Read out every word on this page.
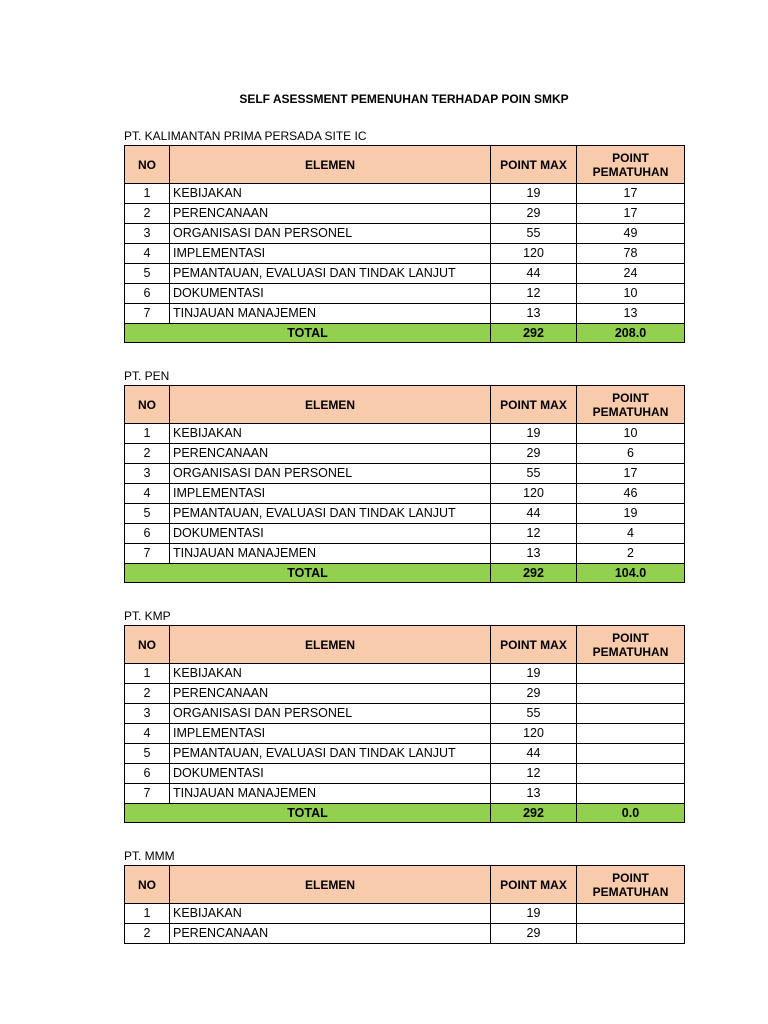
SELF ASESSMENT PEMENUHAN TERHADAP POIN SMKP
PT. KALIMANTAN PRIMA PERSADA SITE IC
NO	ELEMEN	POINT MAX	POINT
PEMATUHAN

1	KEBIJAKAN	19	17
2	PERENCANAAN	29	17
3	ORGANISASI DAN PERSONEL	55	49
4	IMPLEMENTASI	120	78
5	PEMANTAUAN, EVALUASI DAN TINDAK LANJUT	44	24
6	DOKUMENTASI	12	10
7	TINJAUAN MANAJEMEN	13	13
TOTAL		292	208.0
PT. PEN
NO	ELEMEN	POINT MAX	POINT
PEMATUHAN

1	KEBIJAKAN	19	10
2	PERENCANAAN	29	6
3	ORGANISASI DAN PERSONEL	55	17
4	IMPLEMENTASI	120	46
5	PEMANTAUAN, EVALUASI DAN TINDAK LANJUT	44	19
6	DOKUMENTASI	12	4
7	TINJAUAN MANAJEMEN	13	2
TOTAL		292	104.0
PT. KMP
NO	ELEMEN	POINT MAX	POINT
PEMATUHAN

1	KEBIJAKAN	19	
2	PERENCANAAN	29	
3	ORGANISASI DAN PERSONEL	55	
4	IMPLEMENTASI	120	
5	PEMANTAUAN, EVALUASI DAN TINDAK LANJUT	44	
6	DOKUMENTASI	12	
7	TINJAUAN MANAJEMEN	13	
TOTAL		292	0.0
PT. MMM
NO	ELEMEN	POINT MAX	POINT
PEMATUHAN

1	KEBIJAKAN	19	
2	PERENCANAAN	29	
